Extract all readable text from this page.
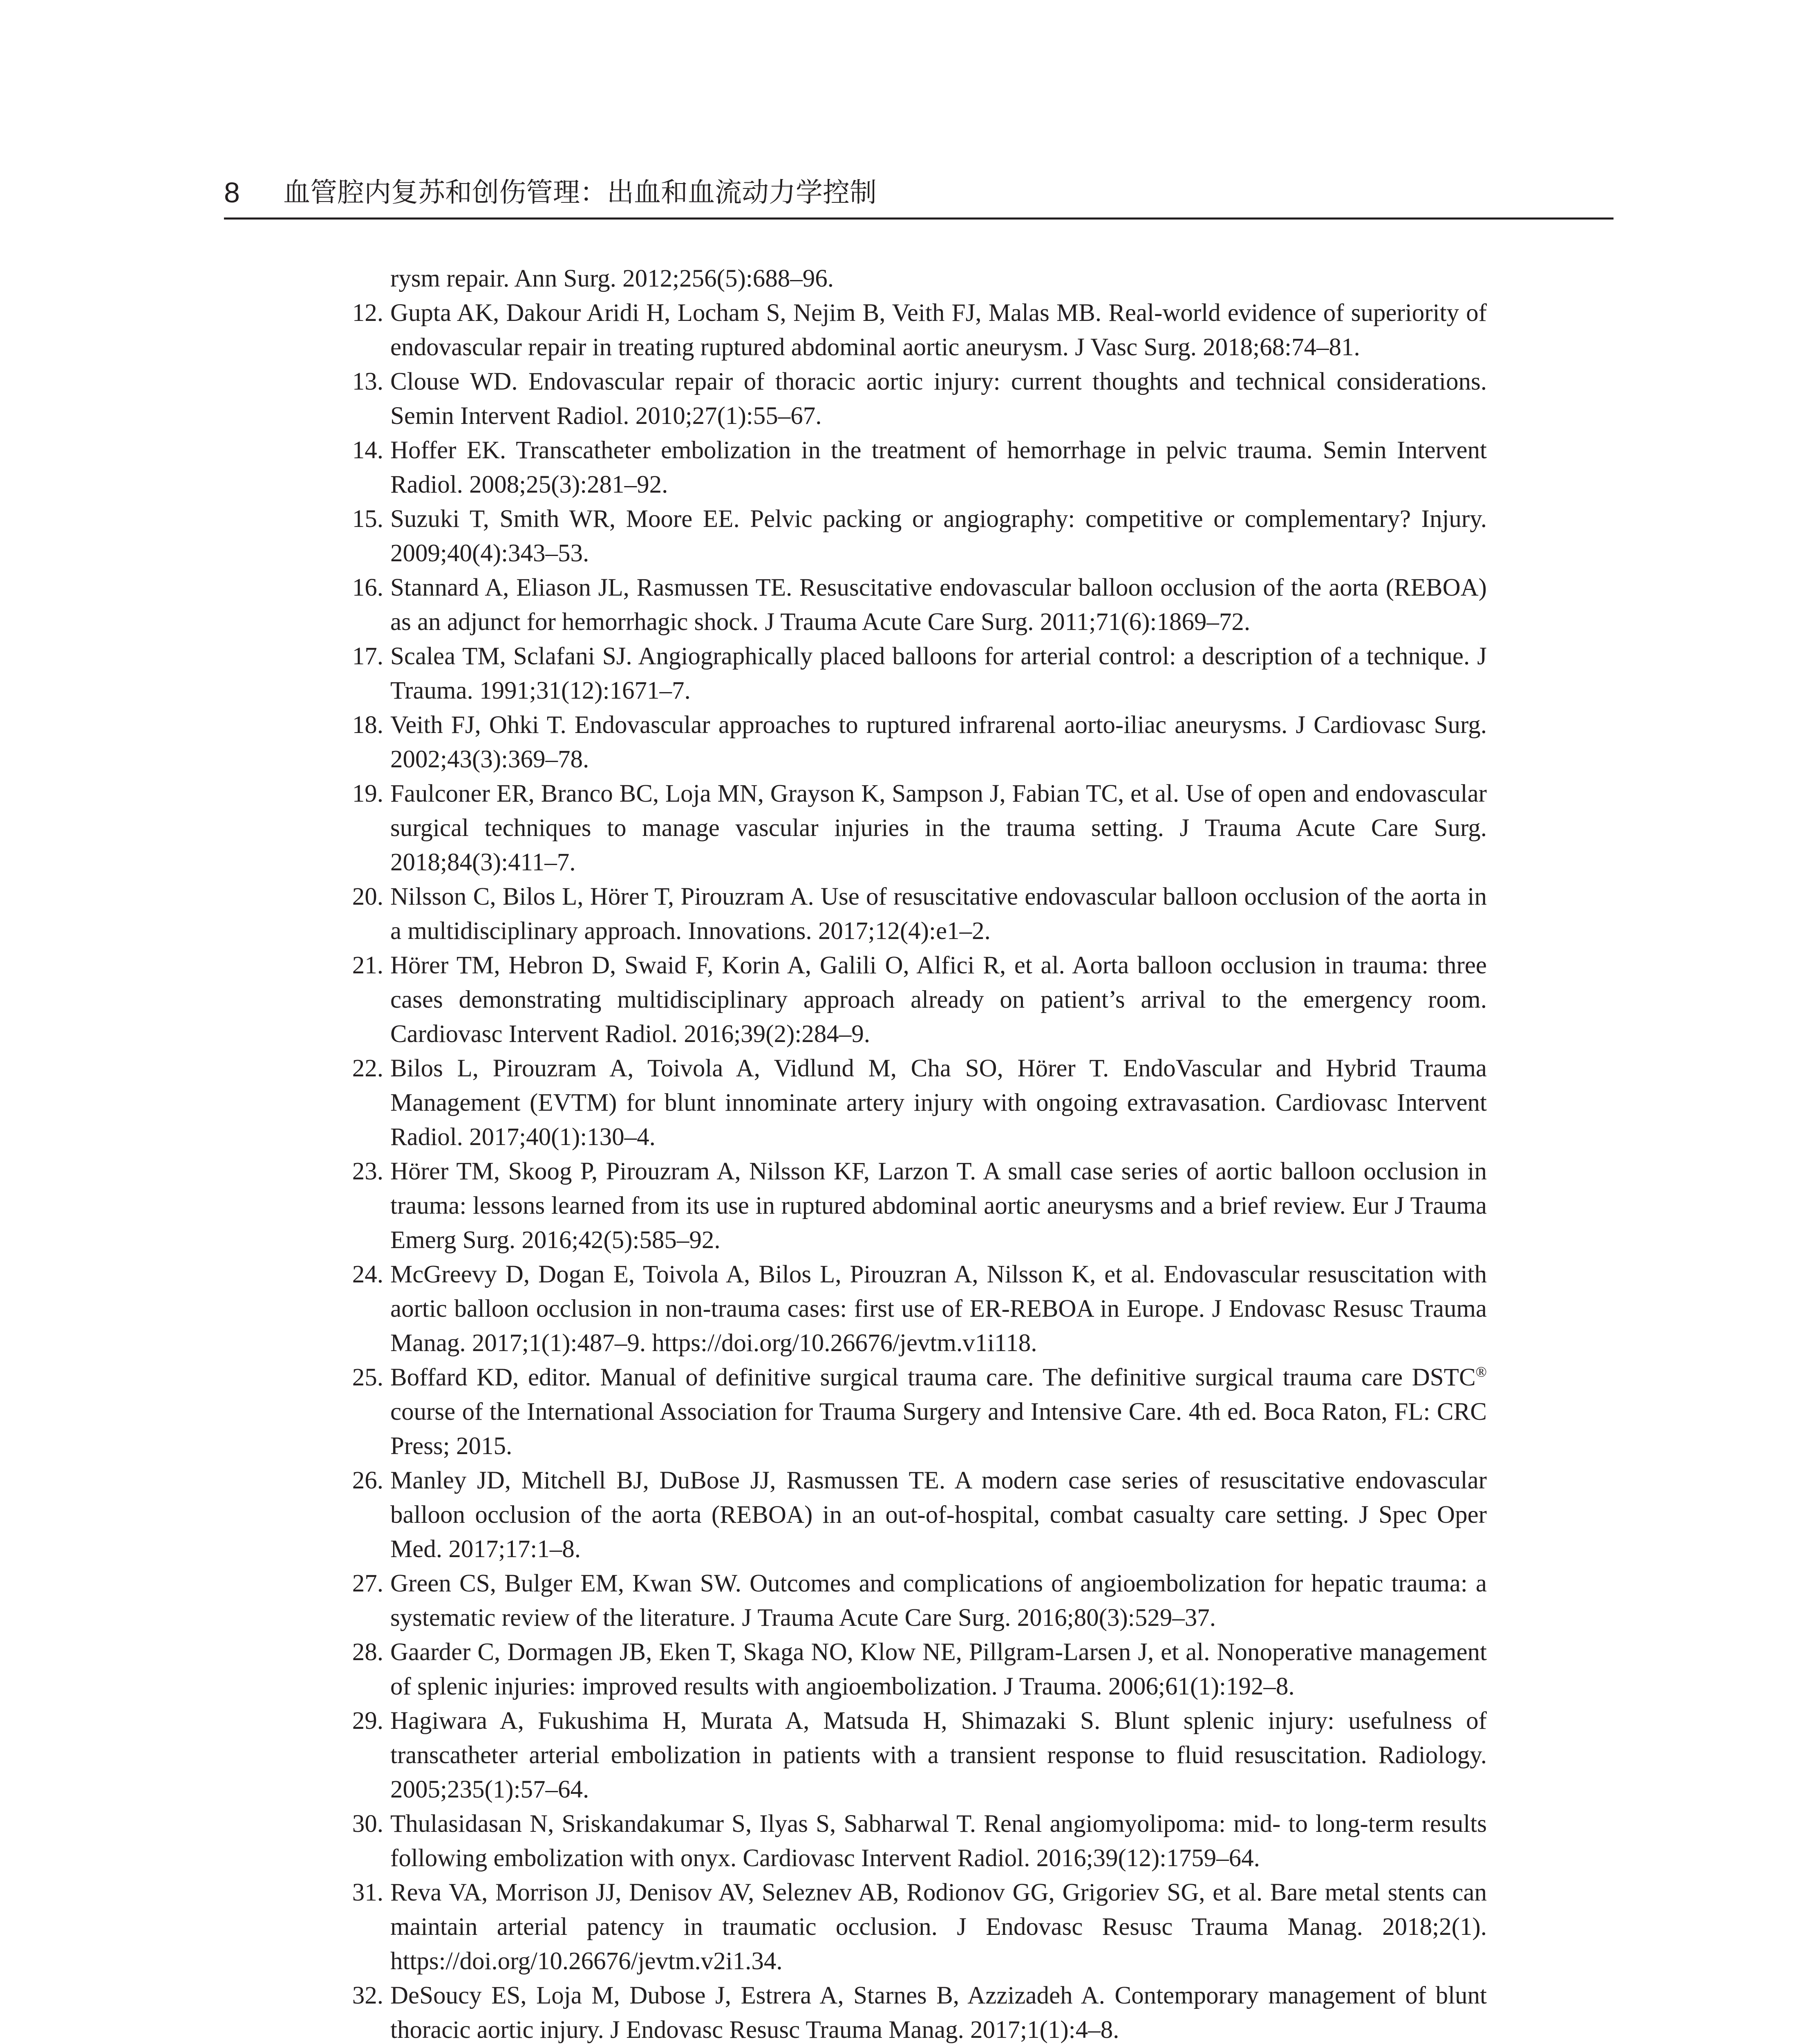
8 血管腔内复苏和创伤管理：出血和血流动力学控制
rysm repair. Ann Surg. 2012;256(5):688–96.
12. Gupta AK, Dakour Aridi H, Locham S, Nejim B, Veith FJ, Malas MB. Real-world evidence of superiority of endovascular repair in treating ruptured abdominal aortic aneurysm. J Vasc Surg. 2018;68:74–81.
13. Clouse WD. Endovascular repair of thoracic aortic injury: current thoughts and technical considerations. Semin Intervent Radiol. 2010;27(1):55–67.
14. Hoffer EK. Transcatheter embolization in the treatment of hemorrhage in pelvic trauma. Semin Intervent Radiol. 2008;25(3):281–92.
15. Suzuki T, Smith WR, Moore EE. Pelvic packing or angiography: competitive or complementary? Injury. 2009;40(4):343–53.
16. Stannard A, Eliason JL, Rasmussen TE. Resuscitative endovascular balloon occlusion of the aorta (REBOA) as an adjunct for hemorrhagic shock. J Trauma Acute Care Surg. 2011;71(6):1869–72.
17. Scalea TM, Sclafani SJ. Angiographically placed balloons for arterial control: a description of a technique. J Trauma. 1991;31(12):1671–7.
18. Veith FJ, Ohki T. Endovascular approaches to ruptured infrarenal aorto-iliac aneurysms. J Cardiovasc Surg. 2002;43(3):369–78.
19. Faulconer ER, Branco BC, Loja MN, Grayson K, Sampson J, Fabian TC, et al. Use of open and endovascular surgical techniques to manage vascular injuries in the trauma setting. J Trauma Acute Care Surg. 2018;84(3):411–7.
20. Nilsson C, Bilos L, Hörer T, Pirouzram A. Use of resuscitative endovascular balloon occlusion of the aorta in a multidisciplinary approach. Innovations. 2017;12(4):e1–2.
21. Hörer TM, Hebron D, Swaid F, Korin A, Galili O, Alfici R, et al. Aorta balloon occlusion in trauma: three cases demonstrating multidisciplinary approach already on patient’s arrival to the emergency room. Cardiovasc Intervent Radiol. 2016;39(2):284–9.
22. Bilos L, Pirouzram A, Toivola A, Vidlund M, Cha SO, Hörer T. EndoVascular and Hybrid Trauma Management (EVTM) for blunt innominate artery injury with ongoing extravasation. Cardiovasc Intervent Radiol. 2017;40(1):130–4.
23. Hörer TM, Skoog P, Pirouzram A, Nilsson KF, Larzon T. A small case series of aortic balloon occlusion in trauma: lessons learned from its use in ruptured abdominal aortic aneurysms and a brief review. Eur J Trauma Emerg Surg. 2016;42(5):585–92.
24. McGreevy D, Dogan E, Toivola A, Bilos L, Pirouzran A, Nilsson K, et al. Endovascular resuscitation with aortic balloon occlusion in non-trauma cases: first use of ER-REBOA in Europe. J Endovasc Resusc Trauma Manag. 2017;1(1):487–9. https://doi.org/10.26676/jevtm.v1i118.
25. Boffard KD, editor. Manual of definitive surgical trauma care. The definitive surgical trauma care DSTC® course of the International Association for Trauma Surgery and Intensive Care. 4th ed. Boca Raton, FL: CRC Press; 2015.
26. Manley JD, Mitchell BJ, DuBose JJ, Rasmussen TE. A modern case series of resuscitative endovascular balloon occlusion of the aorta (REBOA) in an out-of-hospital, combat casualty care setting. J Spec Oper Med. 2017;17:1–8.
27. Green CS, Bulger EM, Kwan SW. Outcomes and complications of angioembolization for hepatic trauma: a systematic review of the literature. J Trauma Acute Care Surg. 2016;80(3):529–37.
28. Gaarder C, Dormagen JB, Eken T, Skaga NO, Klow NE, Pillgram-Larsen J, et al. Nonoperative management of splenic injuries: improved results with angioembolization. J Trauma. 2006;61(1):192–8.
29. Hagiwara A, Fukushima H, Murata A, Matsuda H, Shimazaki S. Blunt splenic injury: usefulness of transcatheter arterial embolization in patients with a transient response to fluid resuscitation. Radiology. 2005;235(1):57–64.
30. Thulasidasan N, Sriskandakumar S, Ilyas S, Sabharwal T. Renal angiomyolipoma: mid- to long-term results following embolization with onyx. Cardiovasc Intervent Radiol. 2016;39(12):1759–64.
31. Reva VA, Morrison JJ, Denisov AV, Seleznev AB, Rodionov GG, Grigoriev SG, et al. Bare metal stents can maintain arterial patency in traumatic occlusion. J Endovasc Resusc Trauma Manag. 2018;2(1). https://doi.org/10.26676/jevtm.v2i1.34.
32. DeSoucy ES, Loja M, Dubose J, Estrera A, Starnes B, Azzizadeh A. Contemporary management of blunt thoracic aortic injury. J Endovasc Resusc Trauma Manag. 2017;1(1):4–8.
